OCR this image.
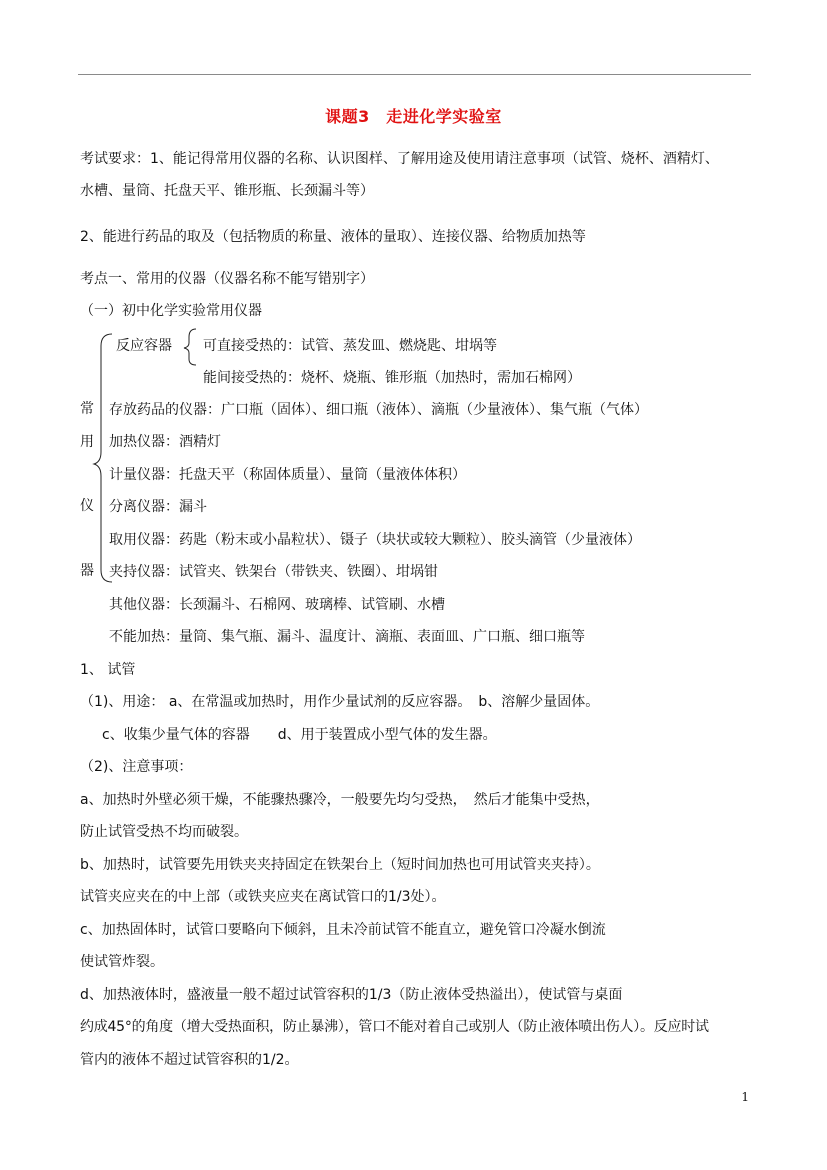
课题3　走进化学实验室
考试要求：1、能记得常用仪器的名称、认识图样、了解用途及使用请注意事项（试管、烧杯、酒精灯、
水槽、量筒、托盘天平、锥形瓶、长颈漏斗等）
2、能进行药品的取及（包括物质的称量、液体的量取）、连接仪器、给物质加热等
考点一、常用的仪器（仪器名称不能写错别字）
（一）初中化学实验常用仪器
常
用
仪
器
反应容器 可直接受热的：试管、蒸发皿、燃烧匙、坩埚等
能间接受热的：烧杯、烧瓶、锥形瓶（加热时，需加石棉网）
存放药品的仪器：广口瓶（固体）、细口瓶（液体）、滴瓶（少量液体）、集气瓶（气体）
加热仪器：酒精灯
计量仪器：托盘天平（称固体质量）、量筒（量液体体积）
分离仪器：漏斗
取用仪器：药匙（粉末或小晶粒状）、镊子（块状或较大颗粒）、胶头滴管（少量液体）
夹持仪器：试管夹、铁架台（带铁夹、铁圈）、坩埚钳
其他仪器：长颈漏斗、石棉网、玻璃棒、试管刷、水槽
不能加热：量筒、集气瓶、漏斗、温度计、滴瓶、表面皿、广口瓶、细口瓶等
1、 试管
（1)、用途： a、在常温或加热时，用作少量试剂的反应容器。　b、溶解少量固体。
c、收集少量气体的容器　　d、用于装置成小型气体的发生器。
（2)、注意事项：
a、加热时外壁必须干燥，不能骤热骤冷，一般要先均匀受热，　然后才能集中受热，
防止试管受热不均而破裂。
b、加热时，试管要先用铁夹夹持固定在铁架台上（短时间加热也可用试管夹夹持）。
试管夹应夹在的中上部（或铁夹应夹在离试管口的1/3处）。
c、加热固体时，试管口要略向下倾斜，且未冷前试管不能直立，避免管口冷凝水倒流
使试管炸裂。
d、加热液体时，盛液量一般不超过试管容积的1/3（防止液体受热溢出），使试管与桌面
约成45°的角度（增大受热面积，防止暴沸），管口不能对着自己或别人（防止液体喷出伤人）。反应时试
管内的液体不超过试管容积的1/2。
1
